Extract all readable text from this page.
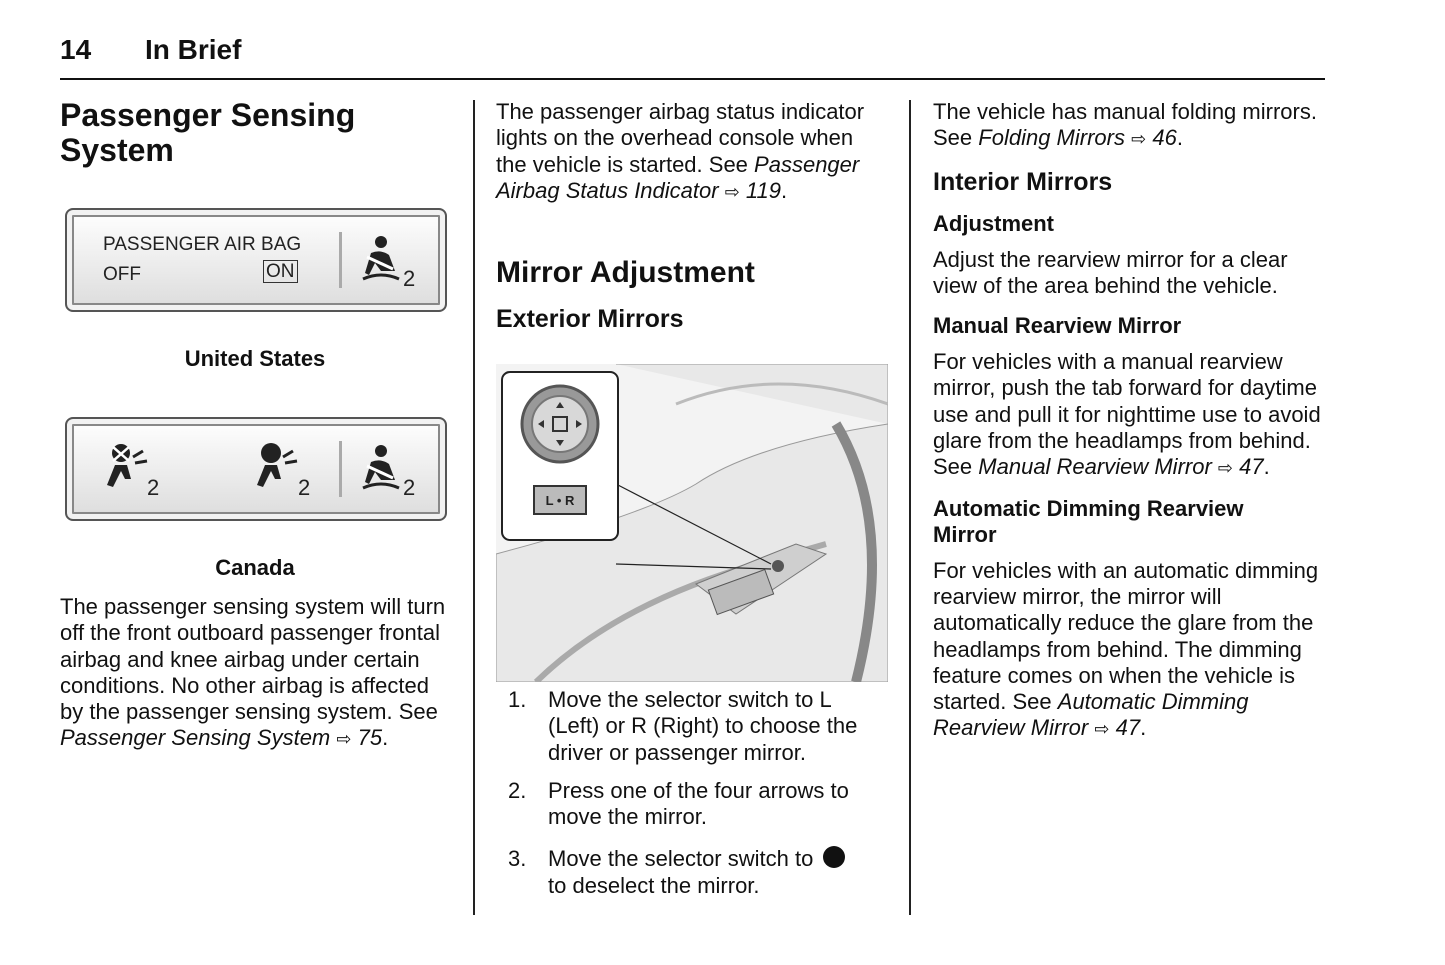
14 In Brief
Passenger Sensing System
PASSENGER AIR BAG
OFF	ON	2
United States
2	2	2
Canada

The passenger sensing system will turn off the front outboard passenger frontal airbag and knee airbag under certain conditions. No other airbag is affected by the passenger sensing system. See Passenger Sensing System ⇨ 75.

The passenger airbag status indicator lights on the overhead console when the vehicle is started. See Passenger Airbag Status Indicator ⇨ 119.

Mirror Adjustment
Exterior Mirrors
L • R
1. Move the selector switch to L (Left) or R (Right) to choose the driver or passenger mirror.
2. Press one of the four arrows to move the mirror.
3. Move the selector switch to
to deselect the mirror.

The vehicle has manual folding mirrors. See Folding Mirrors ⇨ 46.

Interior Mirrors
Adjustment

Adjust the rearview mirror for a clear view of the area behind the vehicle.

Manual Rearview Mirror

For vehicles with a manual rearview mirror, push the tab forward for daytime use and pull it for nighttime use to avoid glare from the headlamps from behind. See Manual Rearview Mirror ⇨ 47.

Automatic Dimming Rearview Mirror

For vehicles with an automatic dimming rearview mirror, the mirror will automatically reduce the glare from the headlamps from behind. The dimming feature comes on when the vehicle is started. See Automatic Dimming Rearview Mirror ⇨ 47.
